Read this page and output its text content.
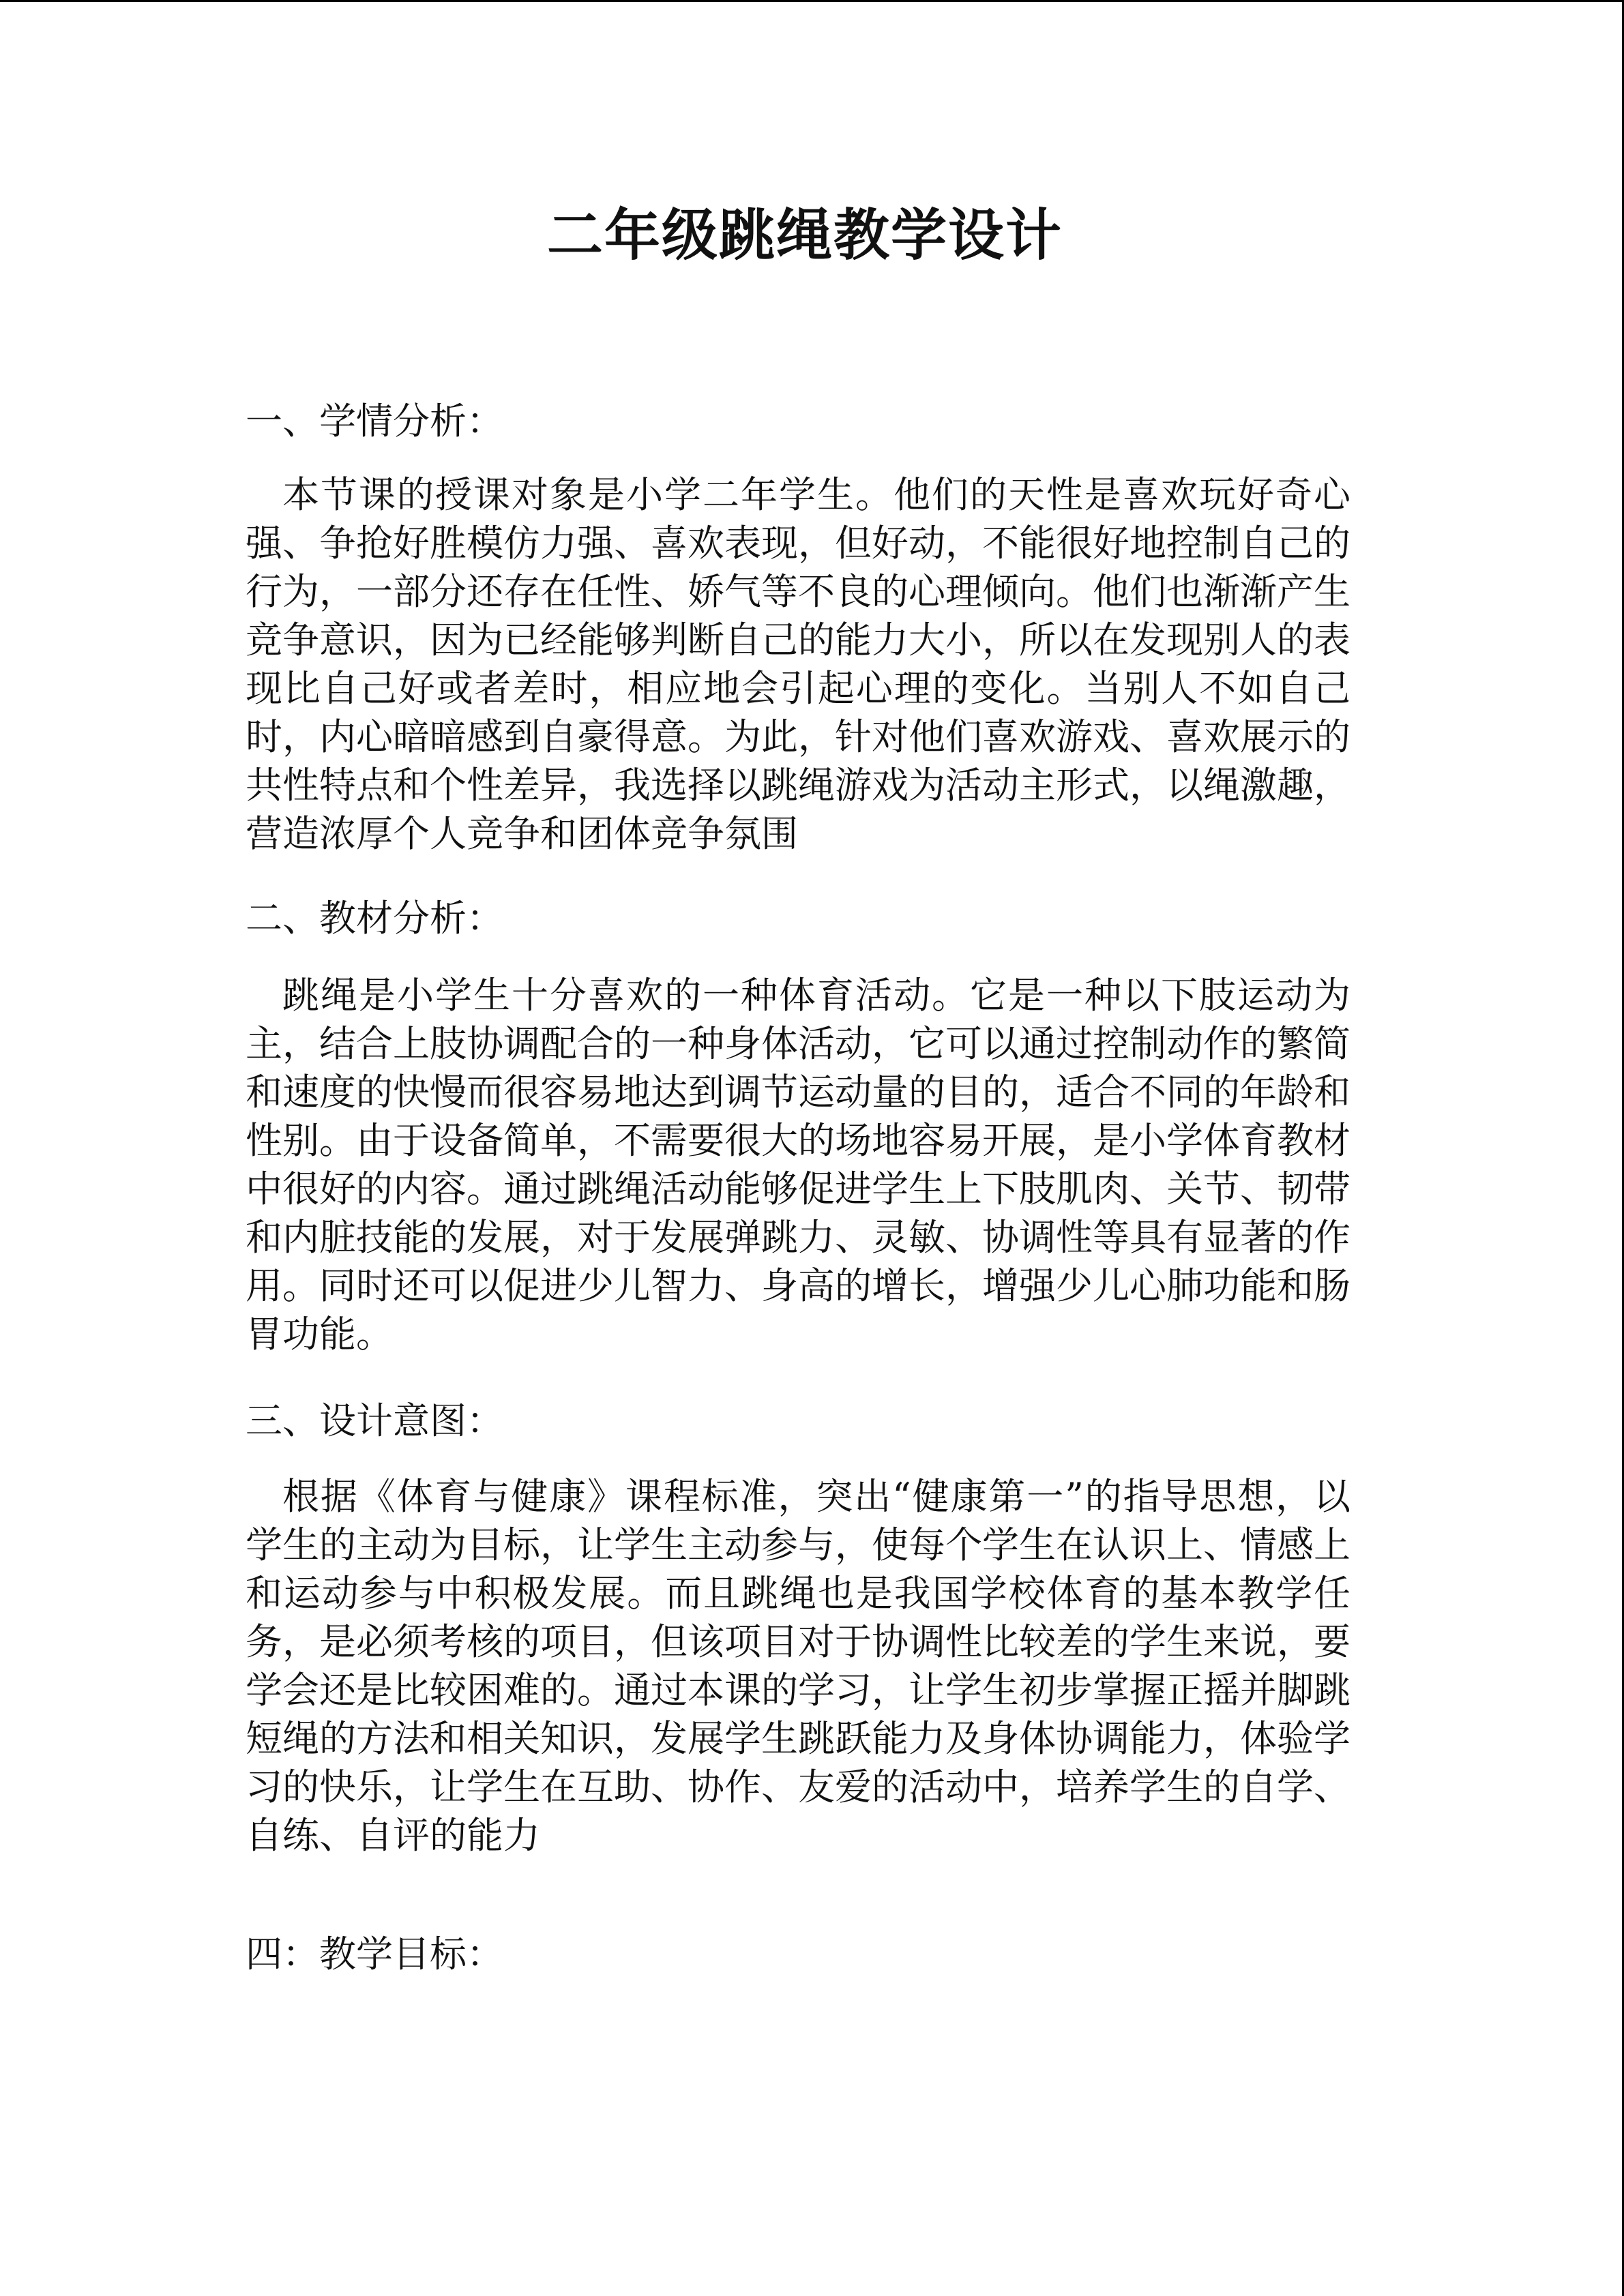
二年级跳绳教学设计
一、学情分析：

本节课的授课对象是小学二年学生。他们的天性是喜欢玩好奇心强、争抢好胜模仿力强、喜欢表现，但好动，不能很好地控制自己的行为，一部分还存在任性、娇气等不良的心理倾向。他们也渐渐产生竞争意识，因为已经能够判断自己的能力大小，所以在发现别人的表现比自己好或者差时，相应地会引起心理的变化。当别人不如自己时，内心暗暗感到自豪得意。为此，针对他们喜欢游戏、喜欢展示的共性特点和个性差异，我选择以跳绳游戏为活动主形式，以绳激趣，营造浓厚个人竞争和团体竞争氛围

二、教材分析：

跳绳是小学生十分喜欢的一种体育活动。它是一种以下肢运动为主，结合上肢协调配合的一种身体活动，它可以通过控制动作的繁简和速度的快慢而很容易地达到调节运动量的目的，适合不同的年龄和性别。由于设备简单，不需要很大的场地容易开展，是小学体育教材中很好的内容。通过跳绳活动能够促进学生上下肢肌肉、关节、韧带和内脏技能的发展，对于发展弹跳力、灵敏、协调性等具有显著的作用。同时还可以促进少儿智力、身高的增长，增强少儿心肺功能和肠胃功能。

三、设计意图：

根据《体育与健康》课程标准，突出“健康第一”的指导思想，以学生的主动为目标，让学生主动参与，使每个学生在认识上、情感上和运动参与中积极发展。而且跳绳也是我国学校体育的基本教学任务，是必须考核的项目，但该项目对于协调性比较差的学生来说，要学会还是比较困难的。通过本课的学习，让学生初步掌握正摇并脚跳短绳的方法和相关知识，发展学生跳跃能力及身体协调能力，体验学习的快乐，让学生在互助、协作、友爱的活动中，培养学生的自学、自练、自评的能力

四：教学目标：
